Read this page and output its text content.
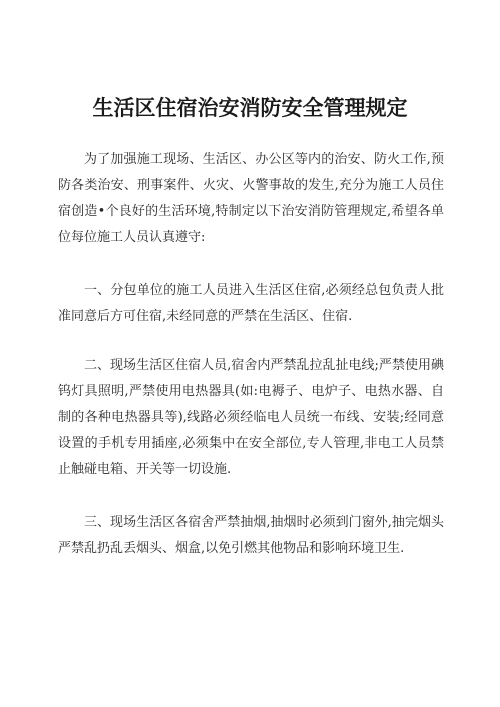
生活区住宿治安消防安全管理规定

为了加强施工现场、生活区、办公区等内的治安、防火工作,预防各类治安、刑事案件、火灾、火警事故的发生,充分为施工人员住宿创造•个良好的生活环境,特制定以下治安消防管理规定,希望各单位每位施工人员认真遵守:

一、分包单位的施工人员进入生活区住宿,必须经总包负责人批准同意后方可住宿,未经同意的严禁在生活区、住宿.

二、现场生活区住宿人员,宿舍内严禁乱拉乱扯电线;严禁使用碘钨灯具照明,严禁使用电热器具(如:电褥子、电炉子、电热水器、自制的各种电热器具等),线路必须经临电人员统一布线、安装;经同意设置的手机专用插座,必须集中在安全部位,专人管理,非电工人员禁止触碰电箱、开关等一切设施.

三、现场生活区各宿舍严禁抽烟,抽烟时必须到门窗外,抽完烟头严禁乱扔乱丢烟头、烟盒,以免引燃其他物品和影响环境卫生.
